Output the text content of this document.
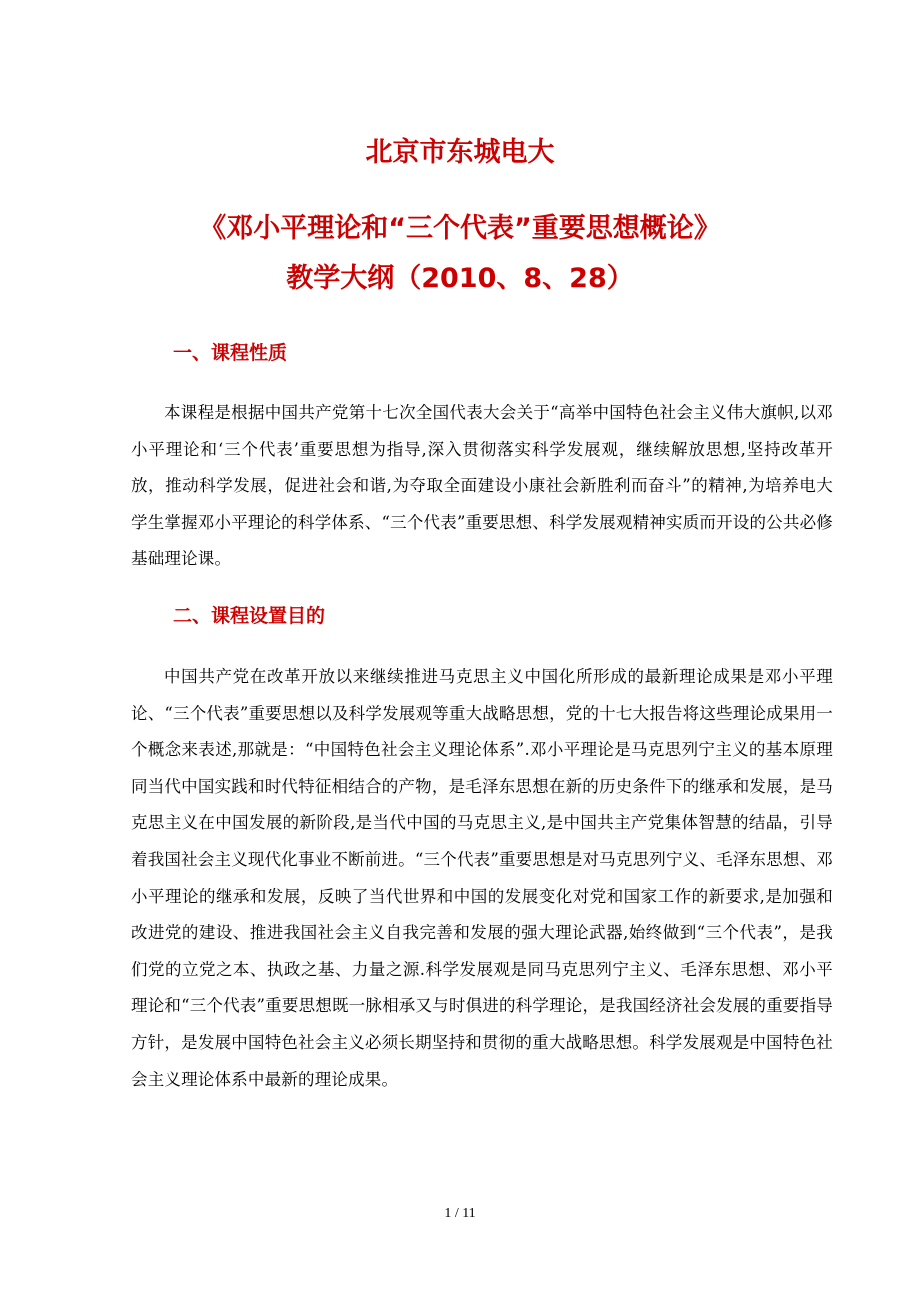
北京市东城电大
《邓小平理论和“三个代表”重要思想概论》
教学大纲（2010、8、28）
一、课程性质

本课程是根据中国共产党第十七次全国代表大会关于“高举中国特色社会主义伟大旗帜,以邓小平理论和‘三个代表’重要思想为指导,深入贯彻落实科学发展观，继续解放思想,坚持改革开放，推动科学发展，促进社会和谐,为夺取全面建设小康社会新胜利而奋斗”的精神,为培养电大学生掌握邓小平理论的科学体系、“三个代表”重要思想、科学发展观精神实质而开设的公共必修基础理论课。

二、课程设置目的

中国共产党在改革开放以来继续推进马克思主义中国化所形成的最新理论成果是邓小平理论、“三个代表”重要思想以及科学发展观等重大战略思想，党的十七大报告将这些理论成果用一个概念来表述,那就是：“中国特色社会主义理论体系”.邓小平理论是马克思列宁主义的基本原理同当代中国实践和时代特征相结合的产物，是毛泽东思想在新的历史条件下的继承和发展，是马克思主义在中国发展的新阶段,是当代中国的马克思主义,是中国共主产党集体智慧的结晶，引导着我国社会主义现代化事业不断前进。“三个代表”重要思想是对马克思列宁义、毛泽东思想、邓小平理论的继承和发展，反映了当代世界和中国的发展变化对党和国家工作的新要求,是加强和改进党的建设、推进我国社会主义自我完善和发展的强大理论武器,始终做到“三个代表”，是我们党的立党之本、执政之基、力量之源.科学发展观是同马克思列宁主义、毛泽东思想、邓小平理论和“三个代表”重要思想既一脉相承又与时俱进的科学理论，是我国经济社会发展的重要指导方针，是发展中国特色社会主义必须长期坚持和贯彻的重大战略思想。科学发展观是中国特色社会主义理论体系中最新的理论成果。

1 / 11
